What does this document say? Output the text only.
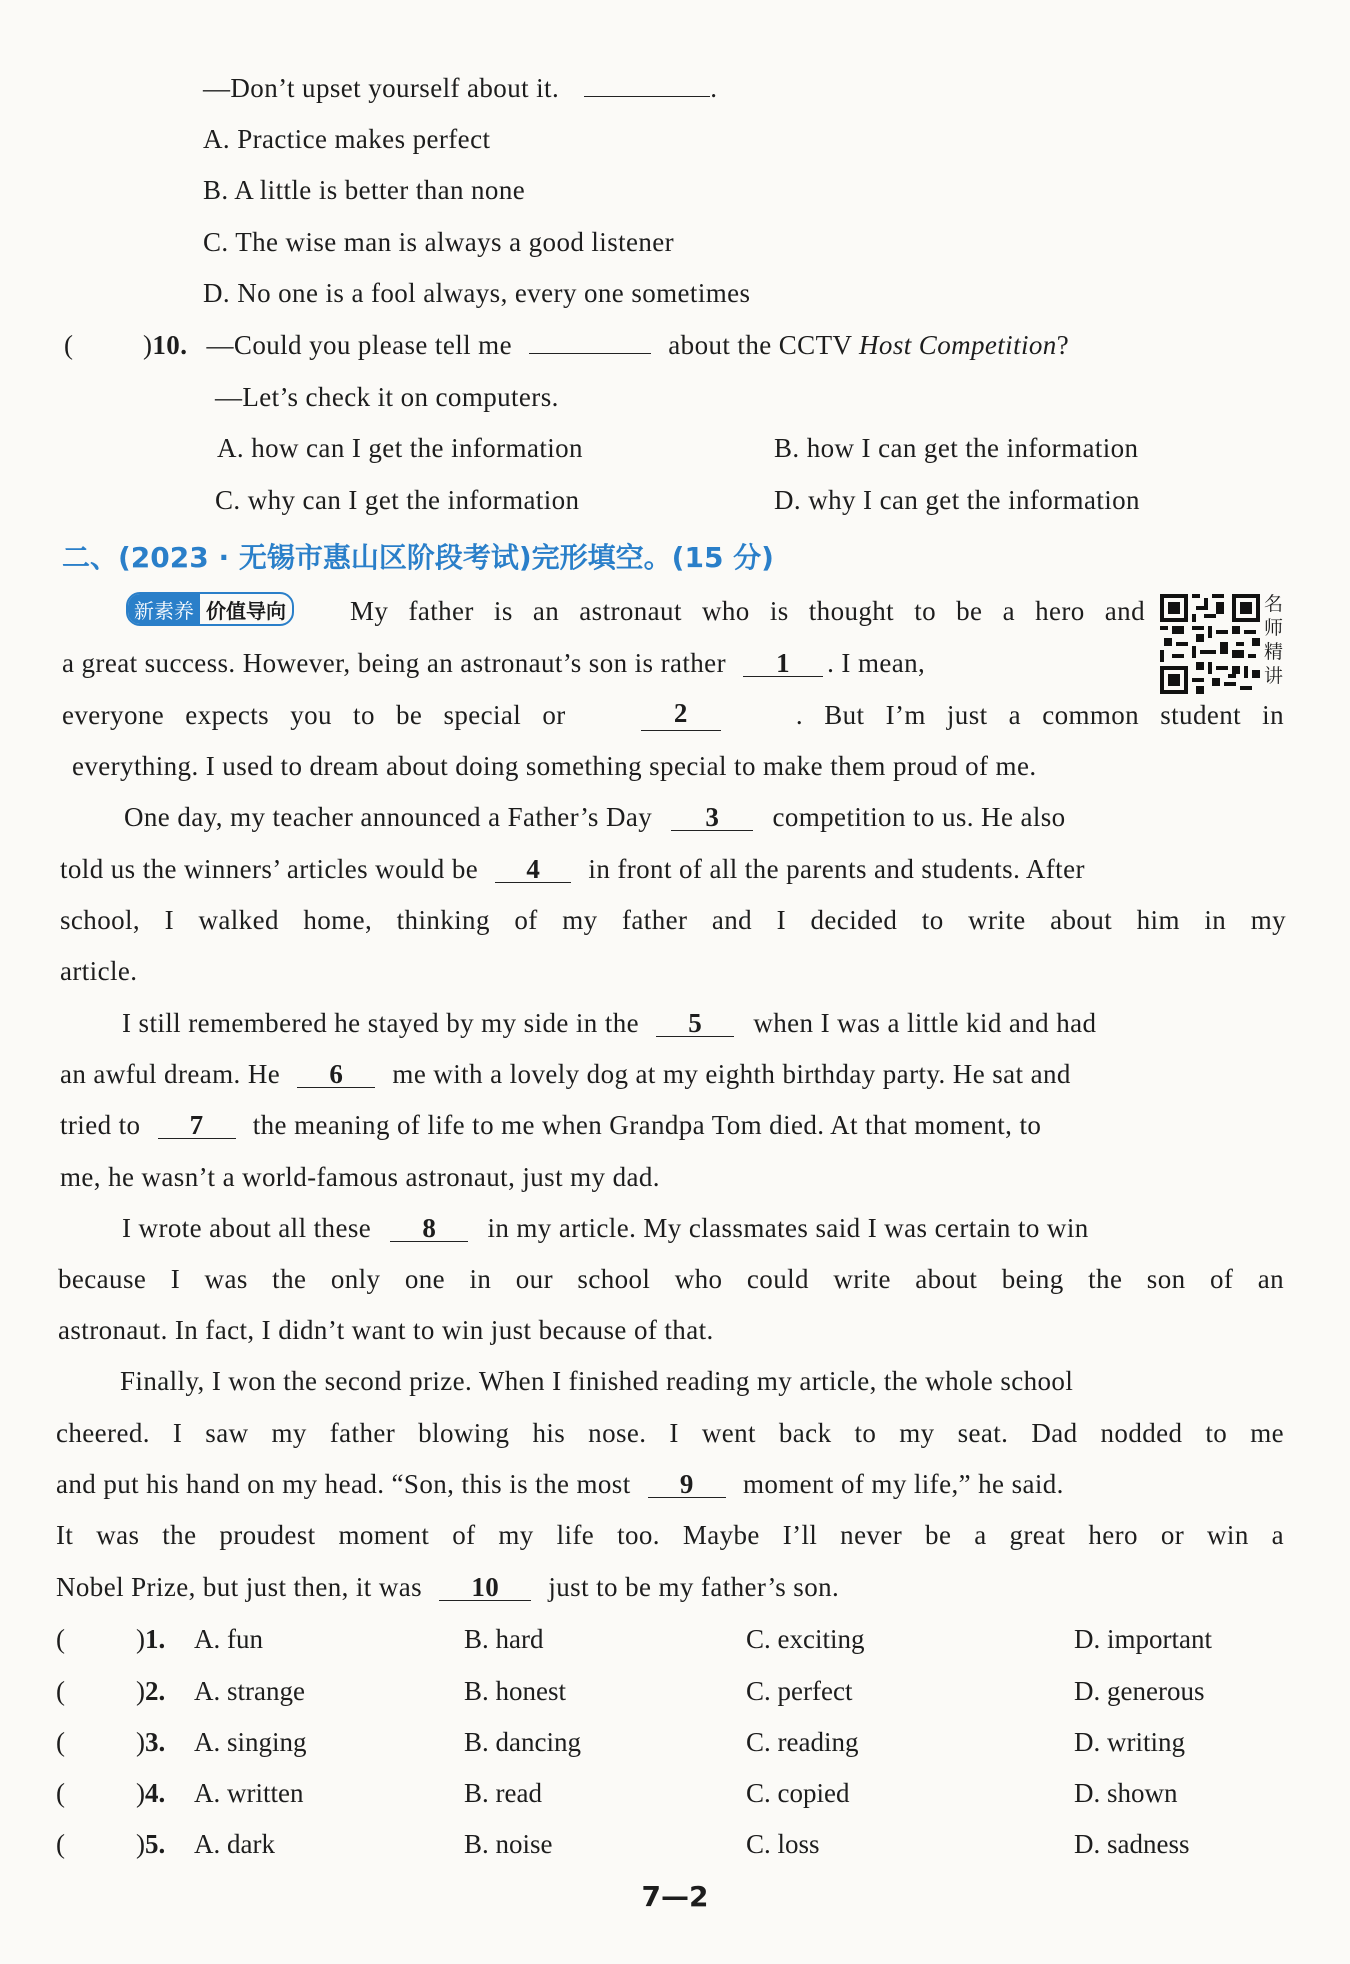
—Don’t upset yourself about it.	.
A. Practice makes perfect
B. A little is better than none
C. The wise man is always a good listener
D. No one is a fool always, every one sometimes
(	)10. —Could you please tell me	about the CCTV Host Competition?
—Let’s check it on computers.
A. how can I get the information	B. how I can get the information
C. why can I get the information	D. why I can get the information
二、(2023 · 无锡市惠山区阶段考试)完形填空。(15 分)
新素养 价值导向	名
师
精
讲
My father is an astronaut who is thought to be a hero and
a great success. However, being an astronaut’s son is rather 1 . I mean,
everyone expects you to be special or	2	. But I’m just a common student in
everything. I used to dream about doing something special to make them proud of me.
One day, my teacher announced a Father’s Day 3 competition to us. He also
told us the winners’ articles would be 4 in front of all the parents and students. After
school, I walked home, thinking of my father and I decided to write about him in my
article.
I still remembered he stayed by my side in the 5 when I was a little kid and had
an awful dream. He 6 me with a lovely dog at my eighth birthday party. He sat and
tried to 7 the meaning of life to me when Grandpa Tom died. At that moment, to
me, he wasn’t a world-famous astronaut, just my dad.
I wrote about all these 8 in my article. My classmates said I was certain to win
because I was the only one in our school who could write about being the son of an
astronaut. In fact, I didn’t want to win just because of that.
Finally, I won the second prize. When I finished reading my article, the whole school
cheered. I saw my father blowing his nose. I went back to my seat. Dad nodded to me
and put his hand on my head. “Son, this is the most 9 moment of my life,” he said.
It was the proudest moment of my life too. Maybe I’ll never be a great hero or win a
Nobel Prize, but just then, it was 10 just to be my father’s son.
(	)1. A. fun	B. hard	C. exciting	D. important
(	)2. A. strange	B. honest	C. perfect	D. generous
(	)3. A. singing	B. dancing	C. reading	D. writing
(	)4. A. written	B. read	C. copied	D. shown
(	)5. A. dark	B. noise	C. loss	D. sadness
7—2
